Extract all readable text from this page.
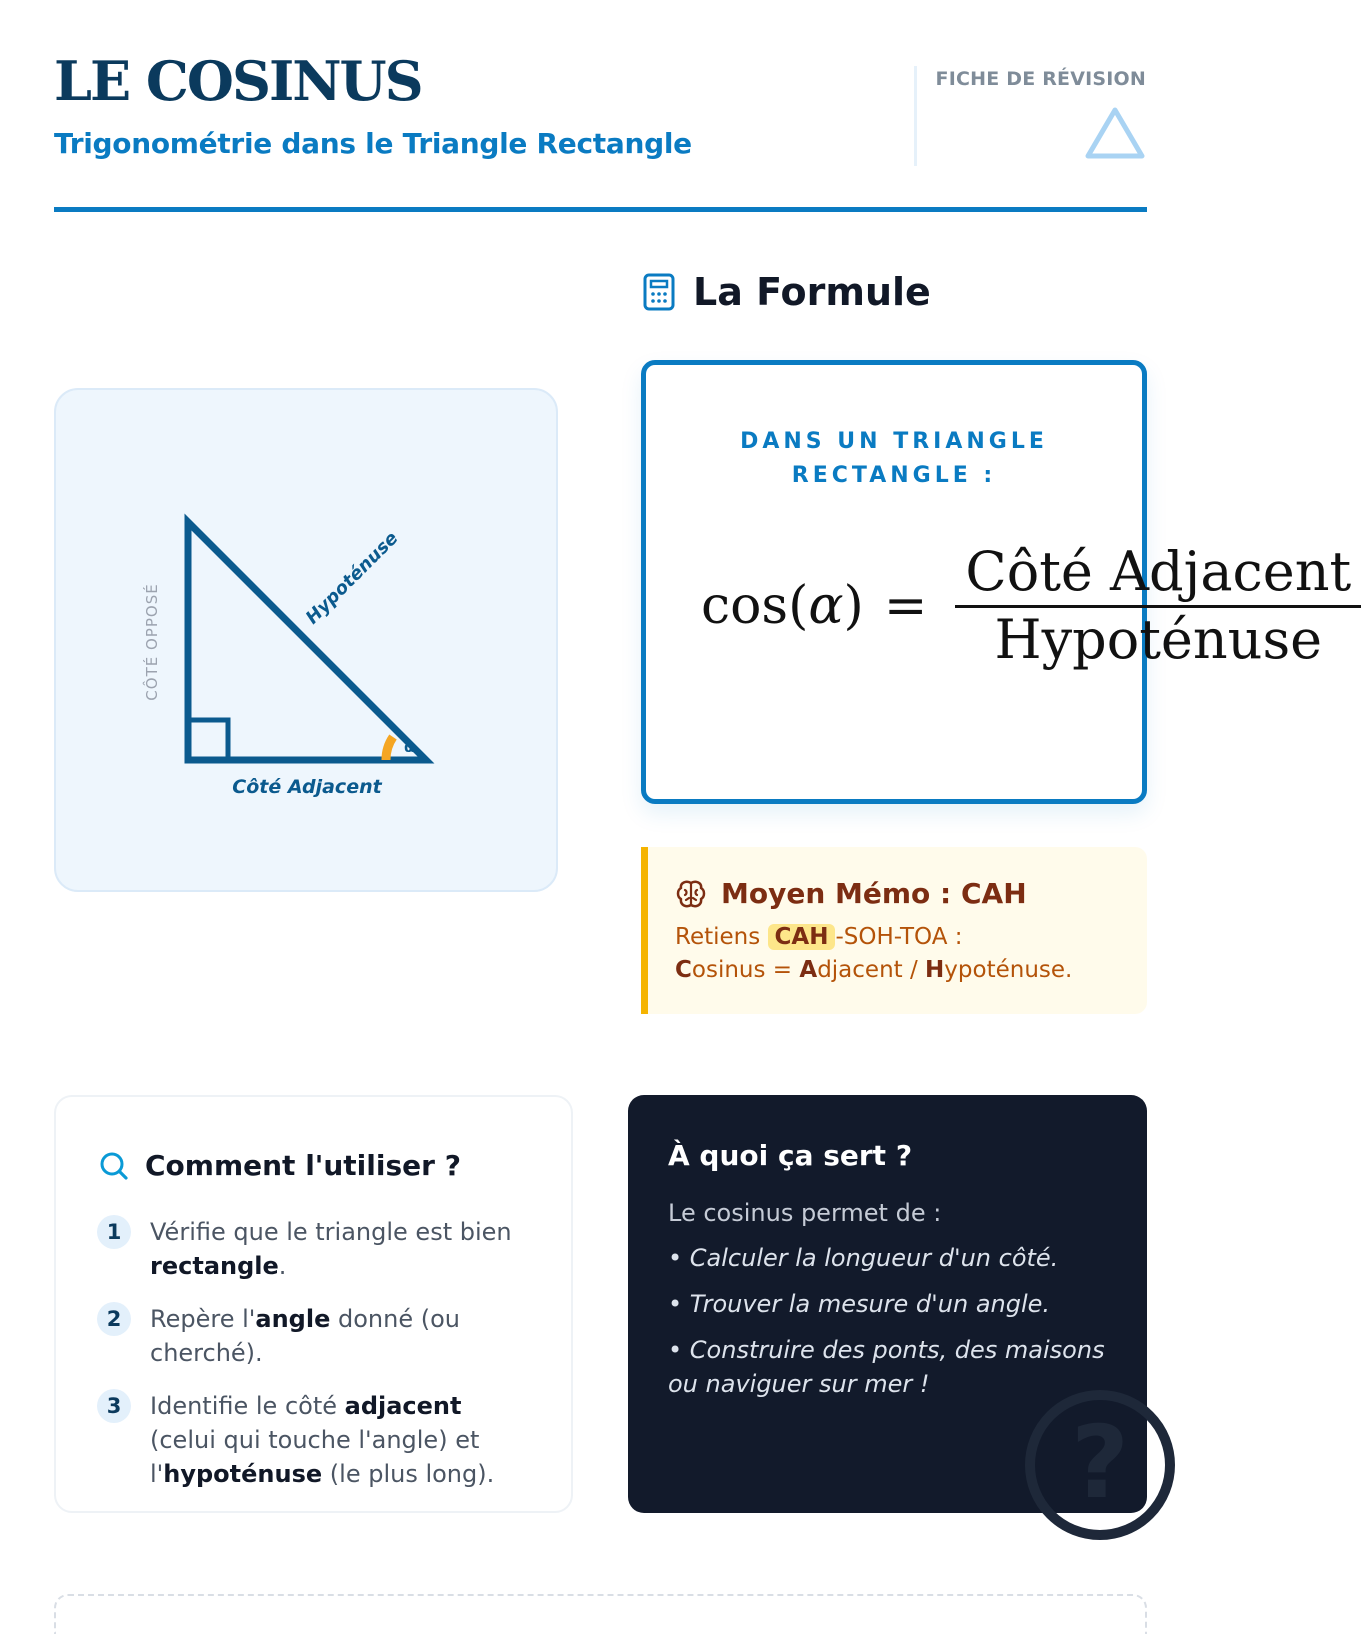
LE COSINUS

Trigonométrie dans le Triangle Rectangle

FICHE DE RÉVISION
α
CÔTÉ OPPOSÉ
Hypoténuse
Côté Adjacent
La Formule
DANS UN TRIANGLE
RECTANGLE :
$\cos(\alpha) = \frac{\text{Côté Adjacent}}{\text{Hypoténuse}}$
Moyen Mémo : CAH
Retiens CAH -SOH-TOA :
Cosinus = Adjacent / Hypoténuse.
Comment l'utiliser ?
1	Vérifie que le triangle est bien rectangle.
2	Repère l'angle donné (ou cherché).
3	Identifie le côté adjacent (celui qui touche l'angle) et l'hypoténuse (le plus long).
À quoi ça sert ?
Le cosinus permet de :
• Calculer la longueur d'un côté.
• Trouver la mesure d'un angle.
• Construire des ponts, des maisons ou naviguer sur mer !
?
